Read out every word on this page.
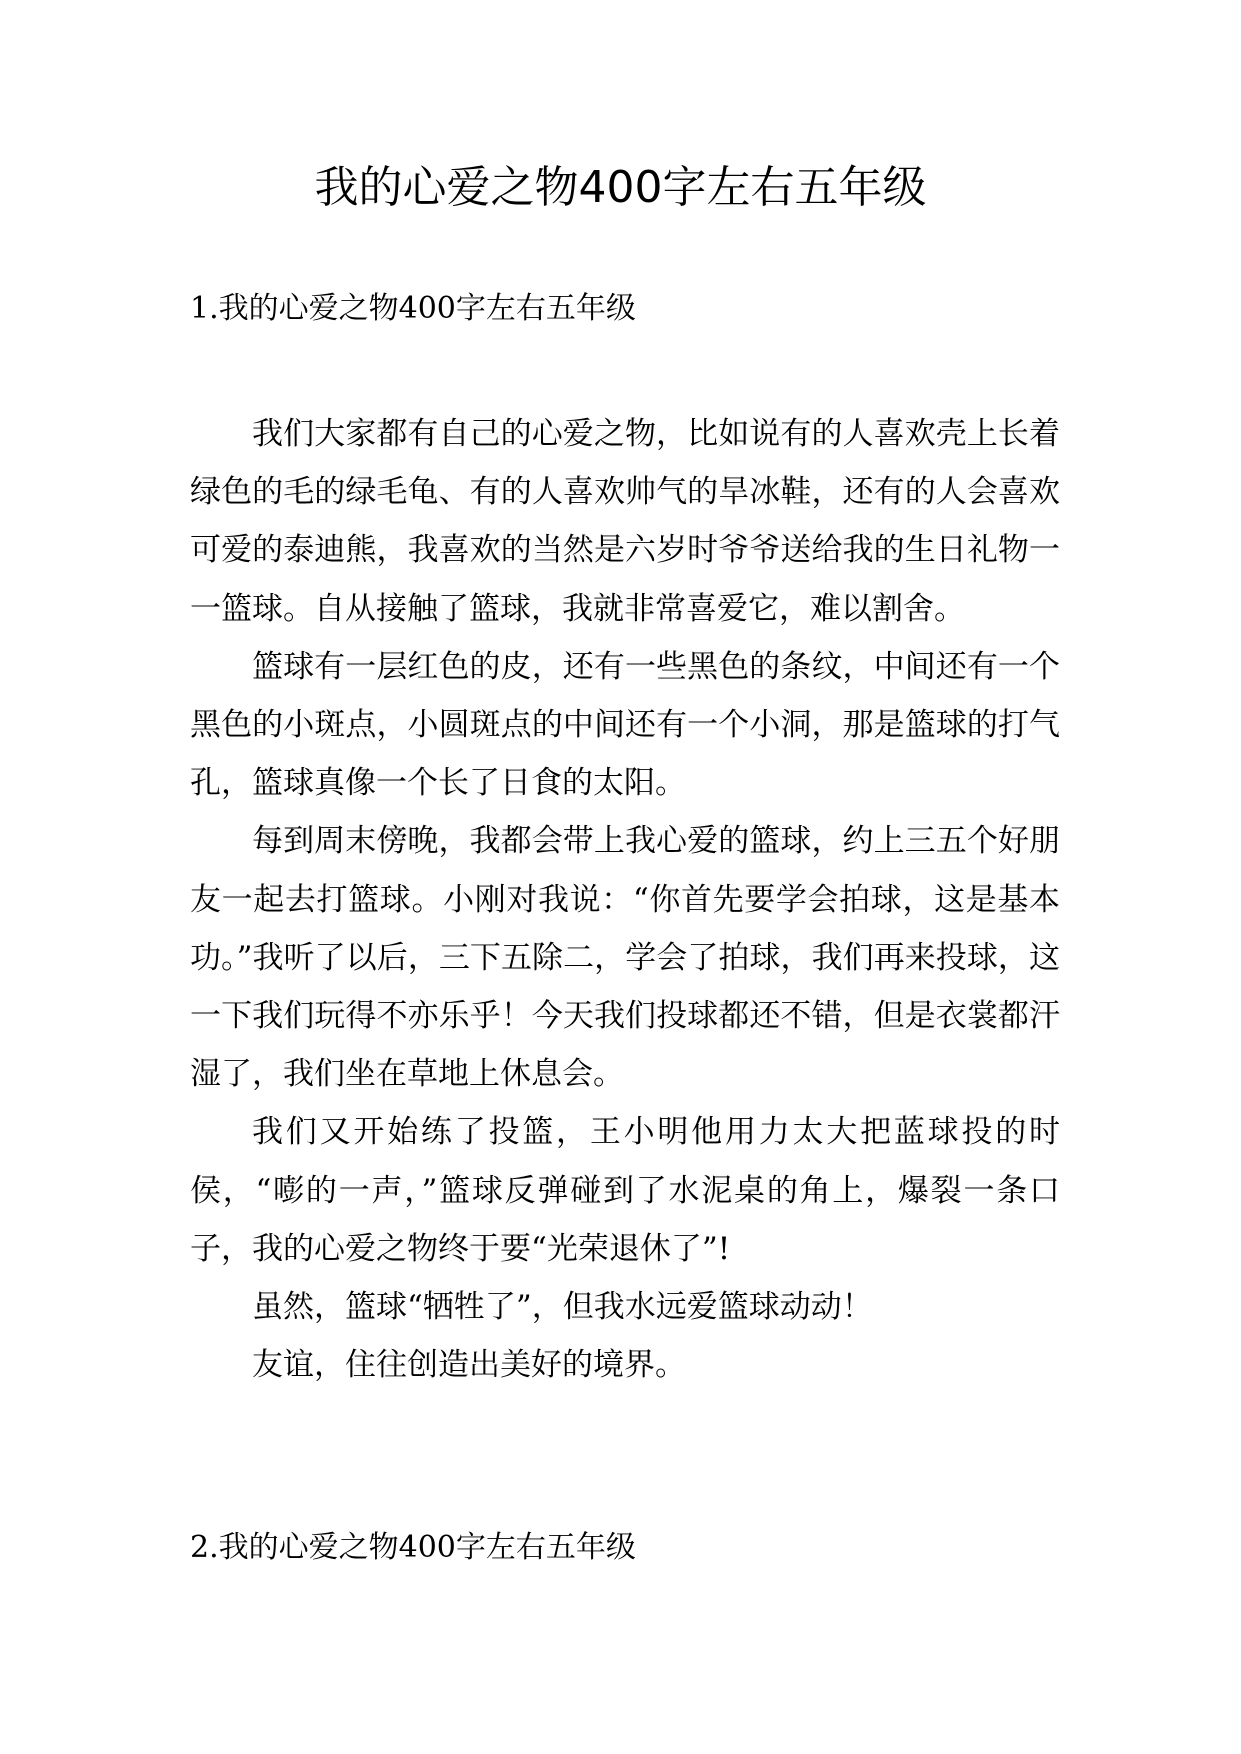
我的心爱之物400字左右五年级
1.我的心爱之物400字左右五年级

我们大家都有自己的心爱之物，比如说有的人喜欢壳上长着绿色的毛的绿毛龟、有的人喜欢帅气的旱冰鞋，还有的人会喜欢可爱的泰迪熊，我喜欢的当然是六岁时爷爷送给我的生日礼物一一篮球。自从接触了篮球，我就非常喜爱它，难以割舍。

篮球有一层红色的皮，还有一些黑色的条纹，中间还有一个黑色的小斑点，小圆斑点的中间还有一个小洞，那是篮球的打气孔，篮球真像一个长了日食的太阳。

每到周末傍晚，我都会带上我心爱的篮球，约上三五个好朋友一起去打篮球。小刚对我说：“你首先要学会拍球，这是基本功。”我听了以后，三下五除二，学会了拍球，我们再来投球，这一下我们玩得不亦乐乎！今天我们投球都还不错，但是衣裳都汗湿了，我们坐在草地上休息会。

我们又开始练了投篮，王小明他用力太大把蓝球投的时侯，“嘭的一声，”篮球反弹碰到了水泥桌的角上，爆裂一条口子，我的心爱之物终于要“光荣退休了”!

虽然，篮球“牺牲了”，但我水远爱篮球动动！

友谊，住往创造出美好的境界。

2.我的心爱之物400字左右五年级
